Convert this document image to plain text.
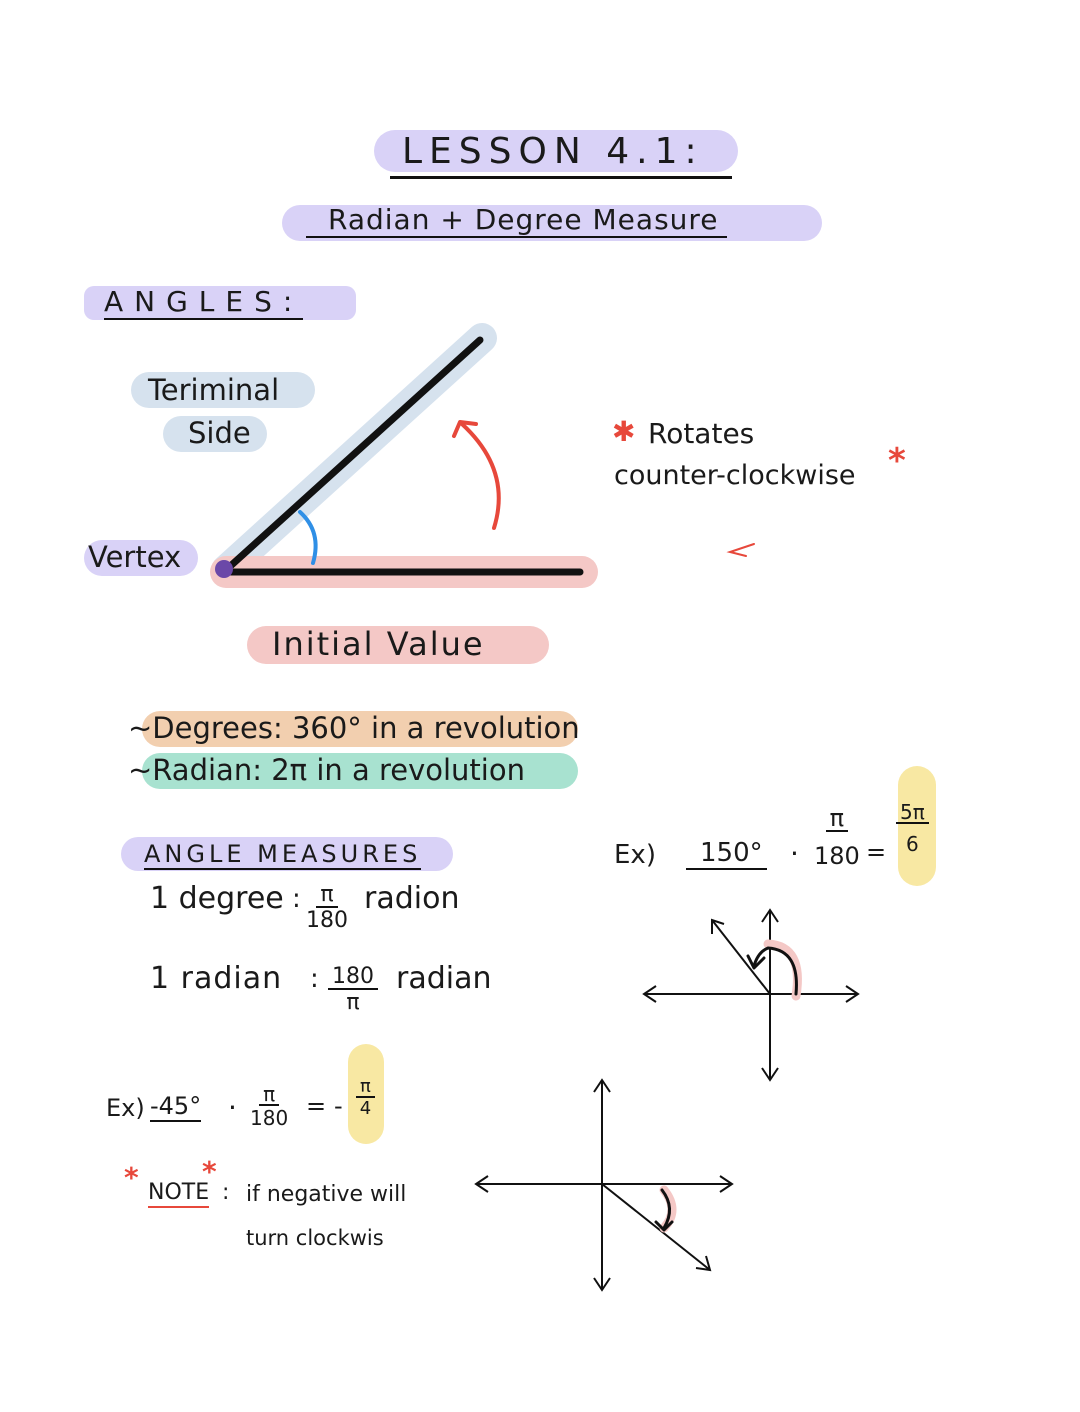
LESSON 4.1:
Radian + Degree Measure
ANGLES:
Teriminal
Side
Vertex
Initial Value
✱ Rotates
counter-clockwise *
~Degrees: 360° in a revolution
~Radian: 2π in a revolution
ANGLE MEASURES
1 degree : $\frac{\pi}{180}$ radion
1 radian : $\frac{180}{\pi}$ radian
Ex) $-45^\circ \cdot \frac{\pi}{180}$ = - $\frac{\pi}{4}$
Ex)	$150^\circ \cdot \frac{\pi}{180} = \frac{5\pi}{6}$
* *
NOTE : if negative will
turn clockwis
